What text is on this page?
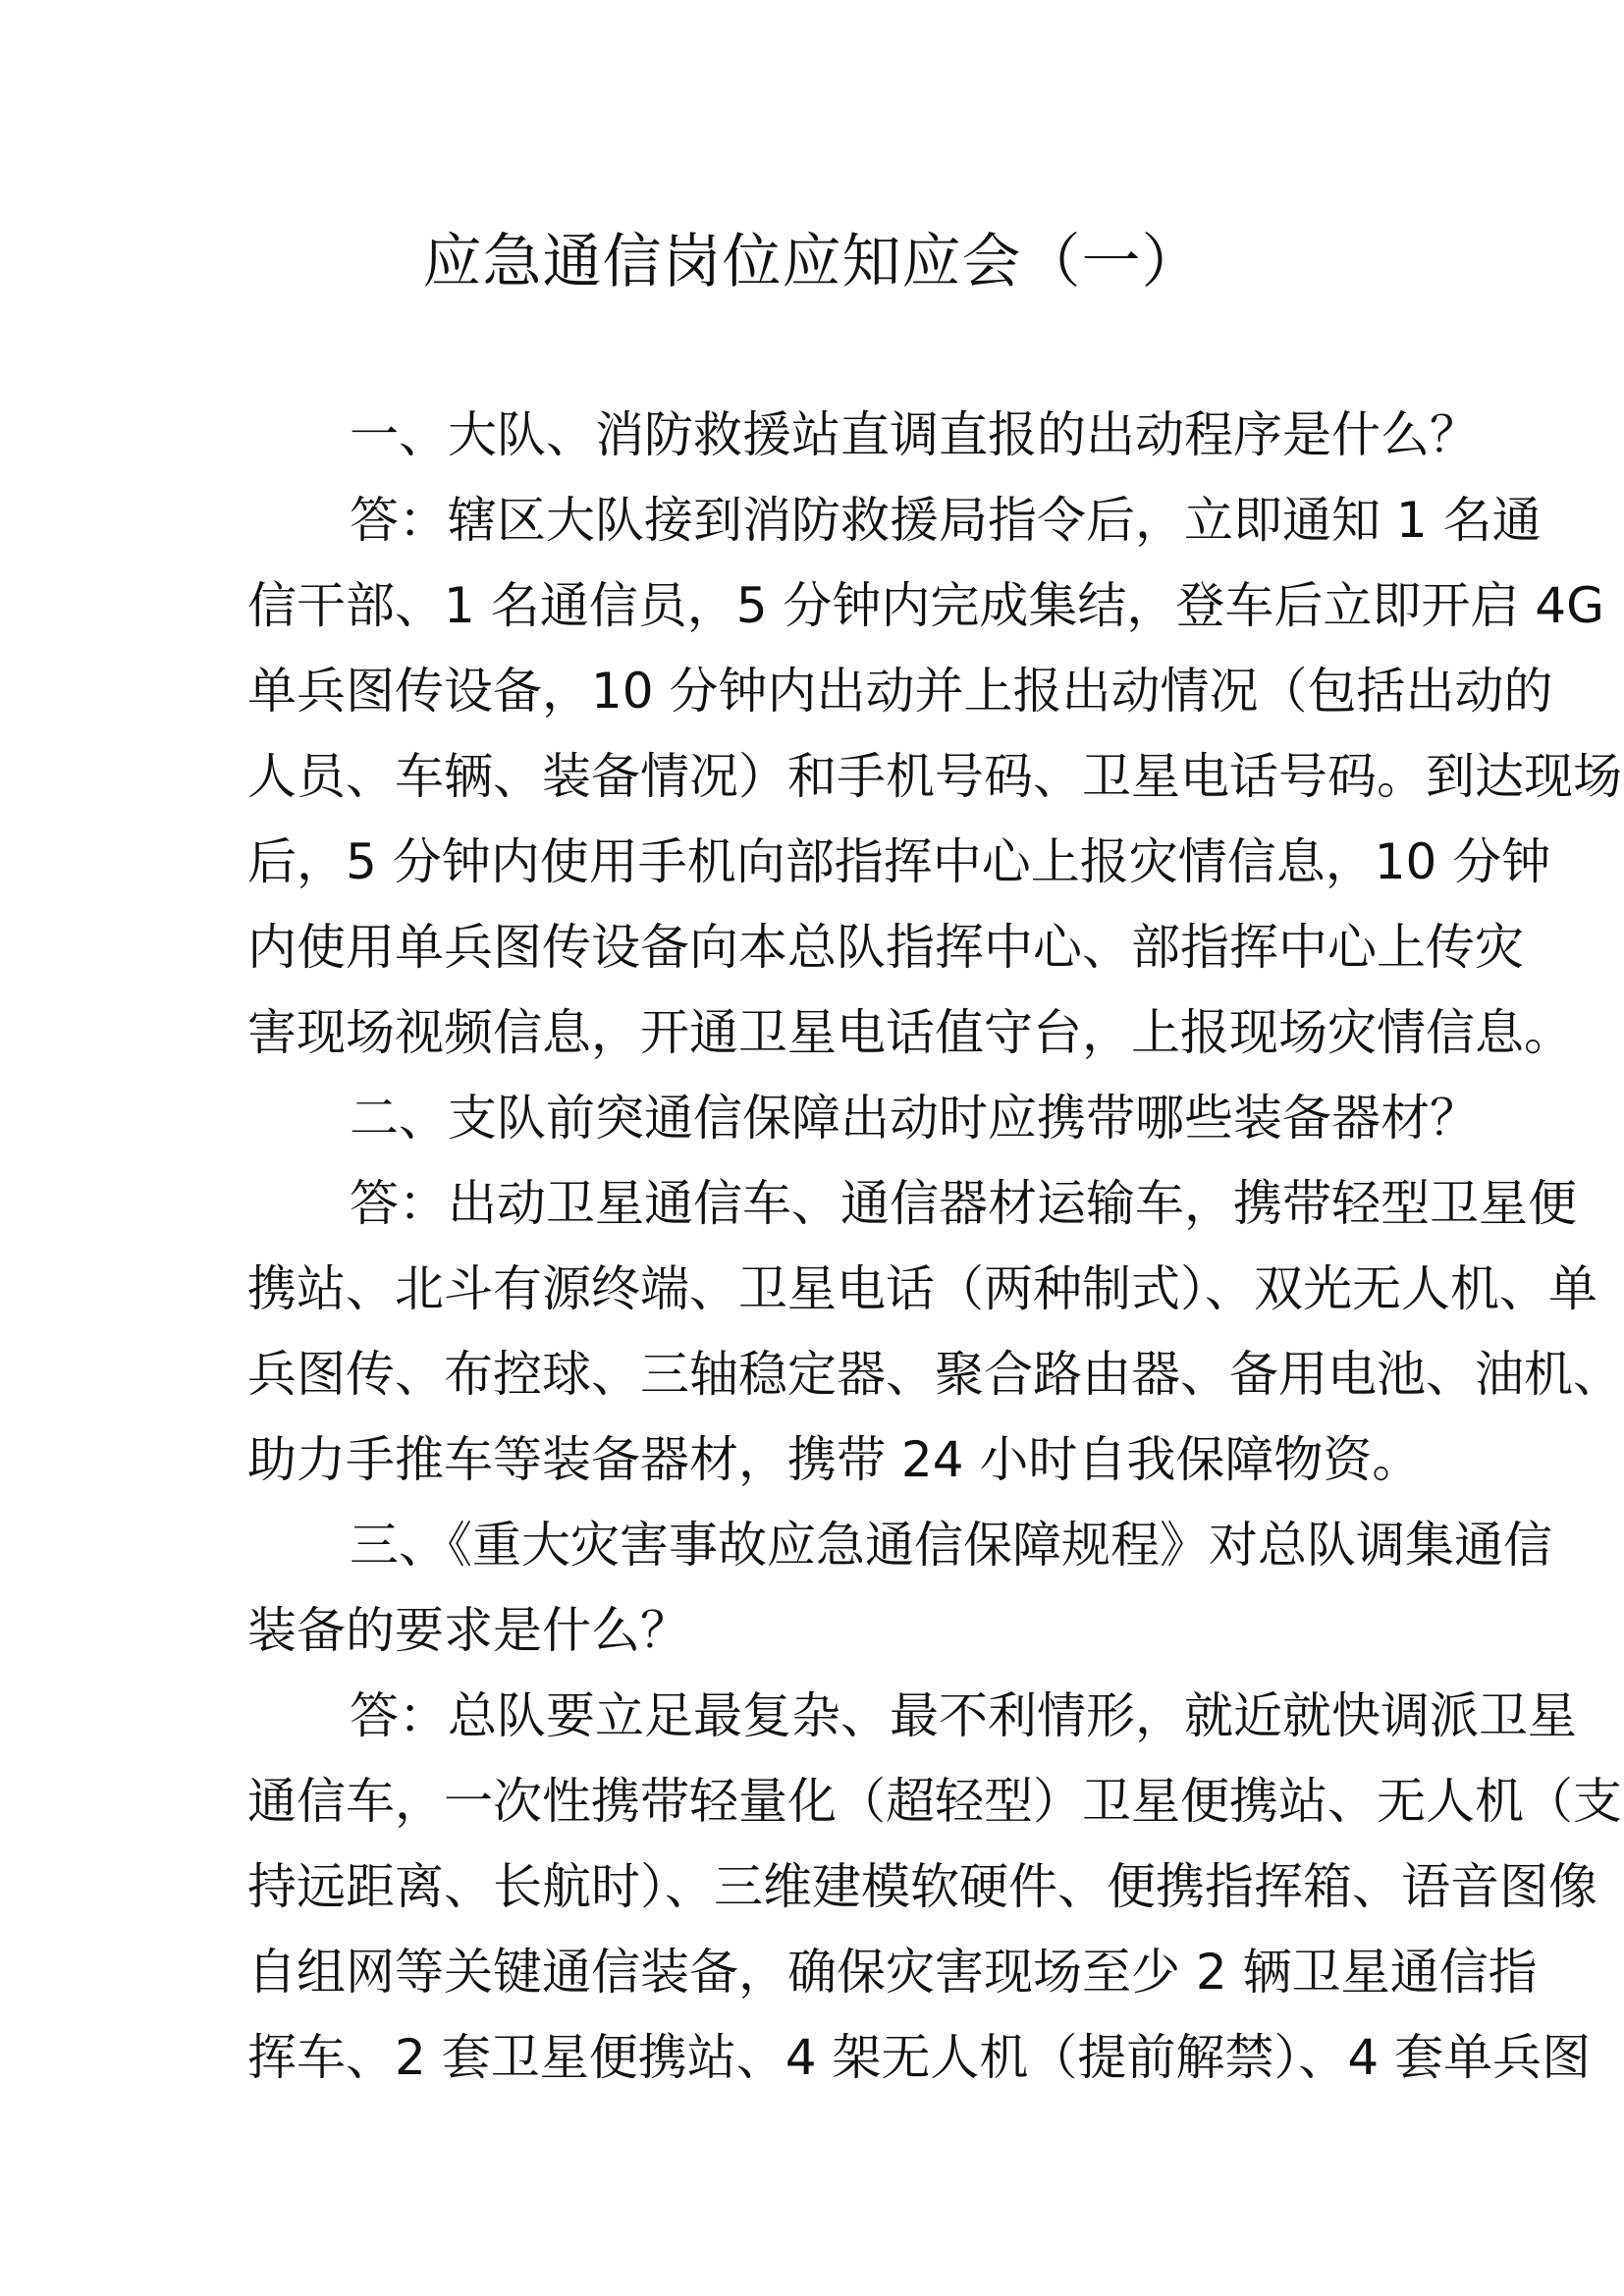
应急通信岗位应知应会（一）
一、大队、消防救援站直调直报的出动程序是什么？
答：辖区大队接到消防救援局指令后，立即通知 1 名通
信干部、1 名通信员，5 分钟内完成集结，登车后立即开启 4G
单兵图传设备，10 分钟内出动并上报出动情况（包括出动的
人员、车辆、装备情况）和手机号码、卫星电话号码。到达现场
后，5 分钟内使用手机向部指挥中心上报灾情信息，10 分钟
内使用单兵图传设备向本总队指挥中心、部指挥中心上传灾
害现场视频信息，开通卫星电话值守台，上报现场灾情信息。
二、支队前突通信保障出动时应携带哪些装备器材？
答：出动卫星通信车、通信器材运输车，携带轻型卫星便
携站、北斗有源终端、卫星电话（两种制式）、双光无人机、单
兵图传、布控球、三轴稳定器、聚合路由器、备用电池、油机、
助力手推车等装备器材，携带 24 小时自我保障物资。
三、《重大灾害事故应急通信保障规程》对总队调集通信
装备的要求是什么？
答：总队要立足最复杂、最不利情形，就近就快调派卫星
通信车，一次性携带轻量化（超轻型）卫星便携站、无人机（支
持远距离、长航时）、三维建模软硬件、便携指挥箱、语音图像
自组网等关键通信装备，确保灾害现场至少 2 辆卫星通信指
挥车、2 套卫星便携站、4 架无人机（提前解禁）、4 套单兵图
